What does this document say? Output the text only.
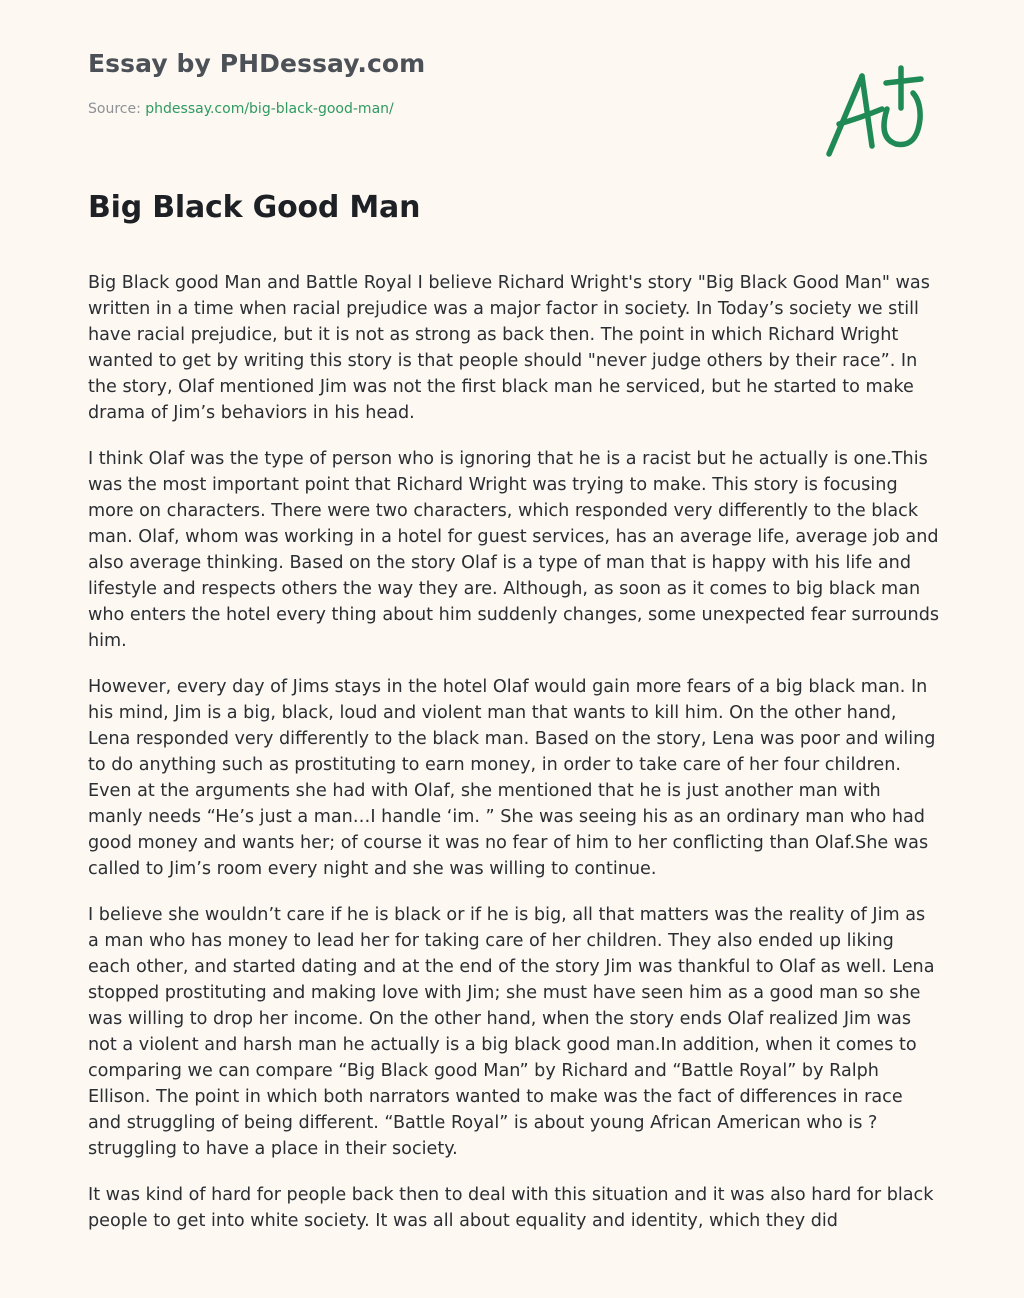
Essay by PHDessay.com
Source: phdessay.com/big-black-good-man/
Big Black Good Man

Big Black good Man and Battle Royal I believe Richard Wright's story "Big Black Good Man" was written in a time when racial prejudice was a major factor in society. In Today’s society we still have racial prejudice, but it is not as strong as back then. The point in which Richard Wright wanted to get by writing this story is that people should "never judge others by their race”. In the story, Olaf mentioned Jim was not the first black man he serviced, but he started to make drama of Jim’s behaviors in his head.

I think Olaf was the type of person who is ignoring that he is a racist but he actually is one.This was the most important point that Richard Wright was trying to make. This story is focusing more on characters. There were two characters, which responded very differently to the black man. Olaf, whom was working in a hotel for guest services, has an average life, average job and also average thinking. Based on the story Olaf is a type of man that is happy with his life and lifestyle and respects others the way they are. Although, as soon as it comes to big black man who enters the hotel every thing about him suddenly changes, some unexpected fear surrounds him.

However, every day of Jims stays in the hotel Olaf would gain more fears of a big black man. In his mind, Jim is a big, black, loud and violent man that wants to kill him. On the other hand, Lena responded very differently to the black man. Based on the story, Lena was poor and wiling to do anything such as prostituting to earn money, in order to take care of her four children. Even at the arguments she had with Olaf, she mentioned that he is just another man with manly needs “He’s just a man…I handle ‘im. ” She was seeing his as an ordinary man who had good money and wants her; of course it was no fear of him to her conflicting than Olaf.She was called to Jim’s room every night and she was willing to continue.

I believe she wouldn’t care if he is black or if he is big, all that matters was the reality of Jim as a man who has money to lead her for taking care of her children. They also ended up liking each other, and started dating and at the end of the story Jim was thankful to Olaf as well. Lena stopped prostituting and making love with Jim; she must have seen him as a good man so she was willing to drop her income. On the other hand, when the story ends Olaf realized Jim was not a violent and harsh man he actually is a big black good man.In addition, when it comes to comparing we can compare “Big Black good Man” by Richard and “Battle Royal” by Ralph Ellison. The point in which both narrators wanted to make was the fact of differences in race and struggling of being different. “Battle Royal” is about young African American who is ? struggling to have a place in their society.

It was kind of hard for people back then to deal with this situation and it was also hard for black people to get into white society. It was all about equality and identity, which they did
